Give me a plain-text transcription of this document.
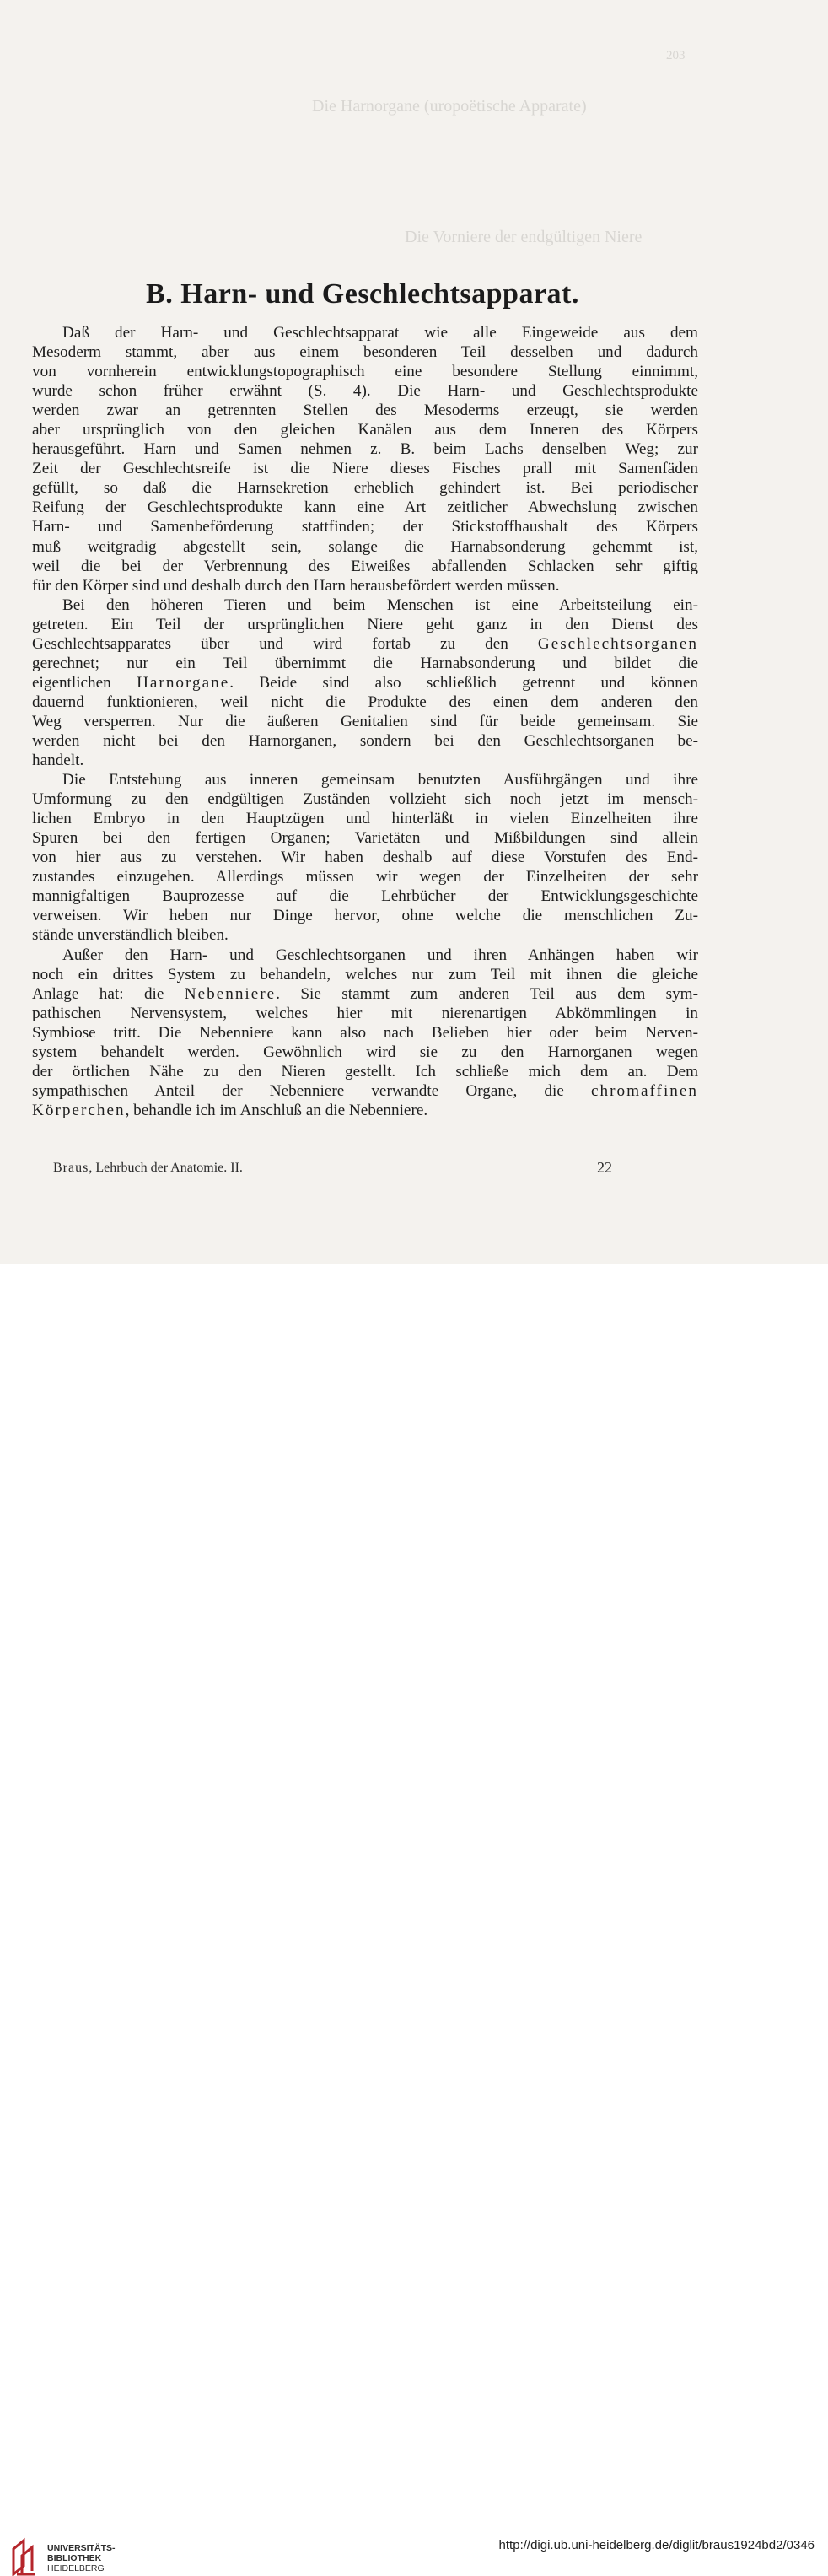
203
Die Harnorgane (uropoëtische Apparate)
Die Vorniere der endgültigen Niere
B. Harn- und Geschlechtsapparat.
Daß der Harn- und Geschlechtsapparat wie alle Eingeweide aus dem
Mesoderm stammt, aber aus einem besonderen Teil desselben und dadurch
von vornherein entwicklungstopographisch eine besondere Stellung einnimmt,
wurde schon früher erwähnt (S. 4). Die Harn- und Geschlechtsprodukte
werden zwar an getrennten Stellen des Mesoderms erzeugt, sie werden
aber ursprünglich von den gleichen Kanälen aus dem Inneren des Körpers
herausgeführt. Harn und Samen nehmen z. B. beim Lachs denselben Weg; zur
Zeit der Geschlechtsreife ist die Niere dieses Fisches prall mit Samenfäden
gefüllt, so daß die Harnsekretion erheblich gehindert ist. Bei periodischer
Reifung der Geschlechtsprodukte kann eine Art zeitlicher Abwechslung zwischen
Harn- und Samenbeförderung stattfinden; der Stickstoffhaushalt des Körpers
muß weitgradig abgestellt sein, solange die Harnabsonderung gehemmt ist,
weil die bei der Verbrennung des Eiweißes abfallenden Schlacken sehr giftig
für den Körper sind und deshalb durch den Harn herausbefördert werden müssen.
Bei den höheren Tieren und beim Menschen ist eine Arbeitsteilung ein-
getreten. Ein Teil der ursprünglichen Niere geht ganz in den Dienst des
Geschlechtsapparates über und wird fortab zu den Geschlechtsorganen
gerechnet; nur ein Teil übernimmt die Harnabsonderung und bildet die
eigentlichen Harnorgane. Beide sind also schließlich getrennt und können
dauernd funktionieren, weil nicht die Produkte des einen dem anderen den
Weg versperren. Nur die äußeren Genitalien sind für beide gemeinsam. Sie
werden nicht bei den Harnorganen, sondern bei den Geschlechtsorganen be-
handelt.
Die Entstehung aus inneren gemeinsam benutzten Ausführgängen und ihre
Umformung zu den endgültigen Zuständen vollzieht sich noch jetzt im mensch-
lichen Embryo in den Hauptzügen und hinterläßt in vielen Einzelheiten ihre
Spuren bei den fertigen Organen; Varietäten und Mißbildungen sind allein
von hier aus zu verstehen. Wir haben deshalb auf diese Vorstufen des End-
zustandes einzugehen. Allerdings müssen wir wegen der Einzelheiten der sehr
mannigfaltigen Bauprozesse auf die Lehrbücher der Entwicklungsgeschichte
verweisen. Wir heben nur Dinge hervor, ohne welche die menschlichen Zu-
stände unverständlich bleiben.
Außer den Harn- und Geschlechtsorganen und ihren Anhängen haben wir
noch ein drittes System zu behandeln, welches nur zum Teil mit ihnen die gleiche
Anlage hat: die Nebenniere. Sie stammt zum anderen Teil aus dem sym-
pathischen Nervensystem, welches hier mit nierenartigen Abkömmlingen in
Symbiose tritt. Die Nebenniere kann also nach Belieben hier oder beim Nerven-
system behandelt werden. Gewöhnlich wird sie zu den Harnorganen wegen
der örtlichen Nähe zu den Nieren gestellt. Ich schließe mich dem an. Dem
sympathischen Anteil der Nebenniere verwandte Organe, die chromaffinen
Körperchen, behandle ich im Anschluß an die Nebenniere.
Braus, Lehrbuch der Anatomie. II.	22
UNIVERSITÄTS-
BIBLIOTHEK
HEIDELBERG
http://digi.ub.uni-heidelberg.de/diglit/braus1924bd2/0346
